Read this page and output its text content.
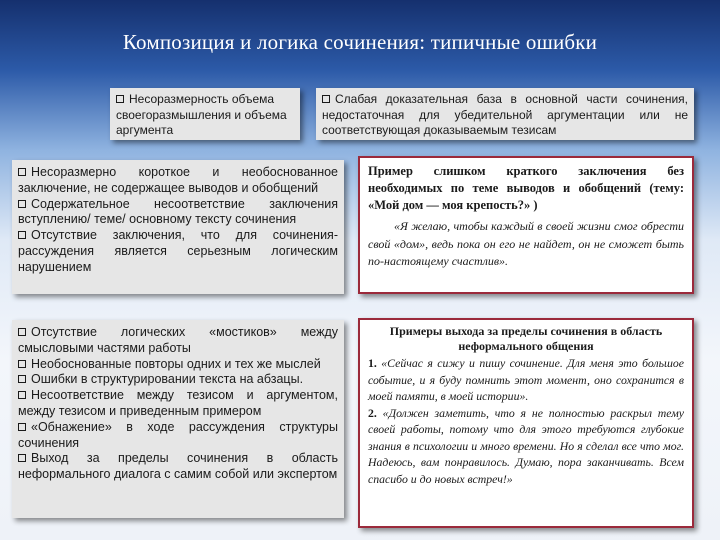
Композиция и логика сочинения: типичные ошибки
Несоразмерность объема своегоразмышления и объема аргумента
Слабая доказательная база в основной части сочинения, недостаточная для убедительной аргументации или не соответствующая доказываемым тезисам
Несоразмерно короткое и необоснованное заключение, не содержащее выводов и обобщений
Содержательное несоответствие заключения вступлению/ теме/ основному тексту сочинения
Отсутствие заключения, что для сочинения-рассуждения является серьезным логическим нарушением
Пример слишком краткого заключения без необходимых по теме выводов и обобщений (тему: «Мой дом — моя крепость?» )
«Я желаю, чтобы каждый в своей жизни смог обрести свой «дом», ведь пока он его не найдет, он не сможет быть по-настоящему счастлив».
Отсутствие логических «мостиков» между смысловыми частями работы
Необоснованные повторы одних и тех же мыслей
Ошибки в структурировании текста на абзацы.
Несоответствие между тезисом и аргументом, между тезисом и приведенным примером
«Обнажение» в ходе рассуждения структуры сочинения
Выход за пределы сочинения в область неформального диалога с самим собой или экспертом
Примеры выхода за пределы сочинения в область неформального общения
1. «Сейчас я сижу и пишу сочинение. Для меня это большое событие, и я буду помнить этот момент, оно сохранится в моей памяти, в моей истории».
2. «Должен заметить, что я не полностью раскрыл тему своей работы, потому что для этого требуются глубокие знания в психологии и много времени. Но я сделал все что мог. Надеюсь, вам понравилось. Думаю, пора заканчивать. Всем спасибо и до новых встреч!»
